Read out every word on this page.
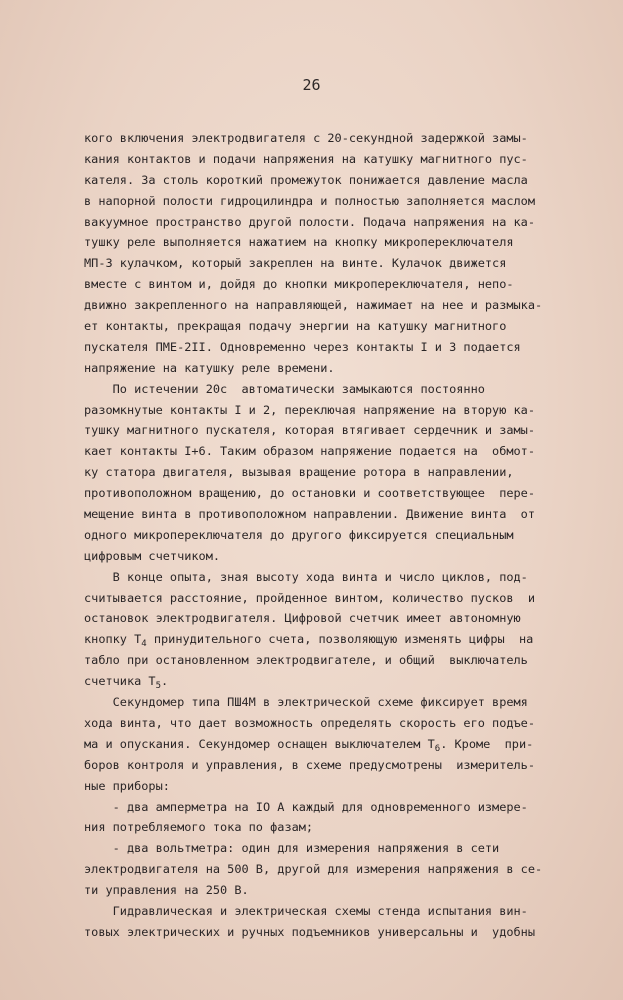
26
кого включения электродвигателя с 20-секундной задержкой замы-
кания контактов и подачи напряжения на катушку магнитного пус-
кателя. За столь короткий промежуток понижается давление масла
в напорной полости гидроцилиндра и полностью заполняется маслом
вакуумное пространство другой полости. Подача напряжения на ка-
тушку реле выполняется нажатием на кнопку микропереключателя
МП-3 кулачком, который закреплен на винте. Кулачок движется
вместе с винтом и, дойдя до кнопки микропереключателя, непо-
движно закрепленного на направляющей, нажимает на нее и размыка-
ет контакты, прекращая подачу энергии на катушку магнитного
пускателя ПМЕ-2II. Одновременно через контакты I и 3 подается
напряжение на катушку реле времени.
По истечении 20с  автоматически замыкаются постоянно
разомкнутые контакты I и 2, переключая напряжение на вторую ка-
тушку магнитного пускателя, которая втягивает сердечник и замы-
кает контакты I+6. Таким образом напряжение подается на  обмот-
ку статора двигателя, вызывая вращение ротора в направлении,
противоположном вращению, до остановки и соответствующее  пере-
мещение винта в противоположном направлении. Движение винта  от
одного микропереключателя до другого фиксируется специальным
цифровым счетчиком.
В конце опыта, зная высоту хода винта и число циклов, под-
считывается расстояние, пройденное винтом, количество пусков  и
остановок электродвигателя. Цифровой счетчик имеет автономную
кнопку $Т_4$ принудительного счета, позволяющую изменять цифры  на
табло при остановленном электродвигателе, и общий  выключатель
счетчика $Т_5$.
Секундомер типа ПШ4М в электрической схеме фиксирует время
хода винта, что дает возможность определять скорость его подъе-
ма и опускания. Секундомер оснащен выключателем $Т_6$. Кроме  при-
боров контроля и управления, в схеме предусмотрены  измеритель-
ные приборы:
- два амперметра на IO А каждый для одновременного измере-
ния потребляемого тока по фазам;
- два вольтметра: один для измерения напряжения в сети
электродвигателя на 500 В, другой для измерения напряжения в се-
ти управления на 250 В.
Гидравлическая и электрическая схемы стенда испытания вин-
товых электрических и ручных подъемников универсальны и  удобны
